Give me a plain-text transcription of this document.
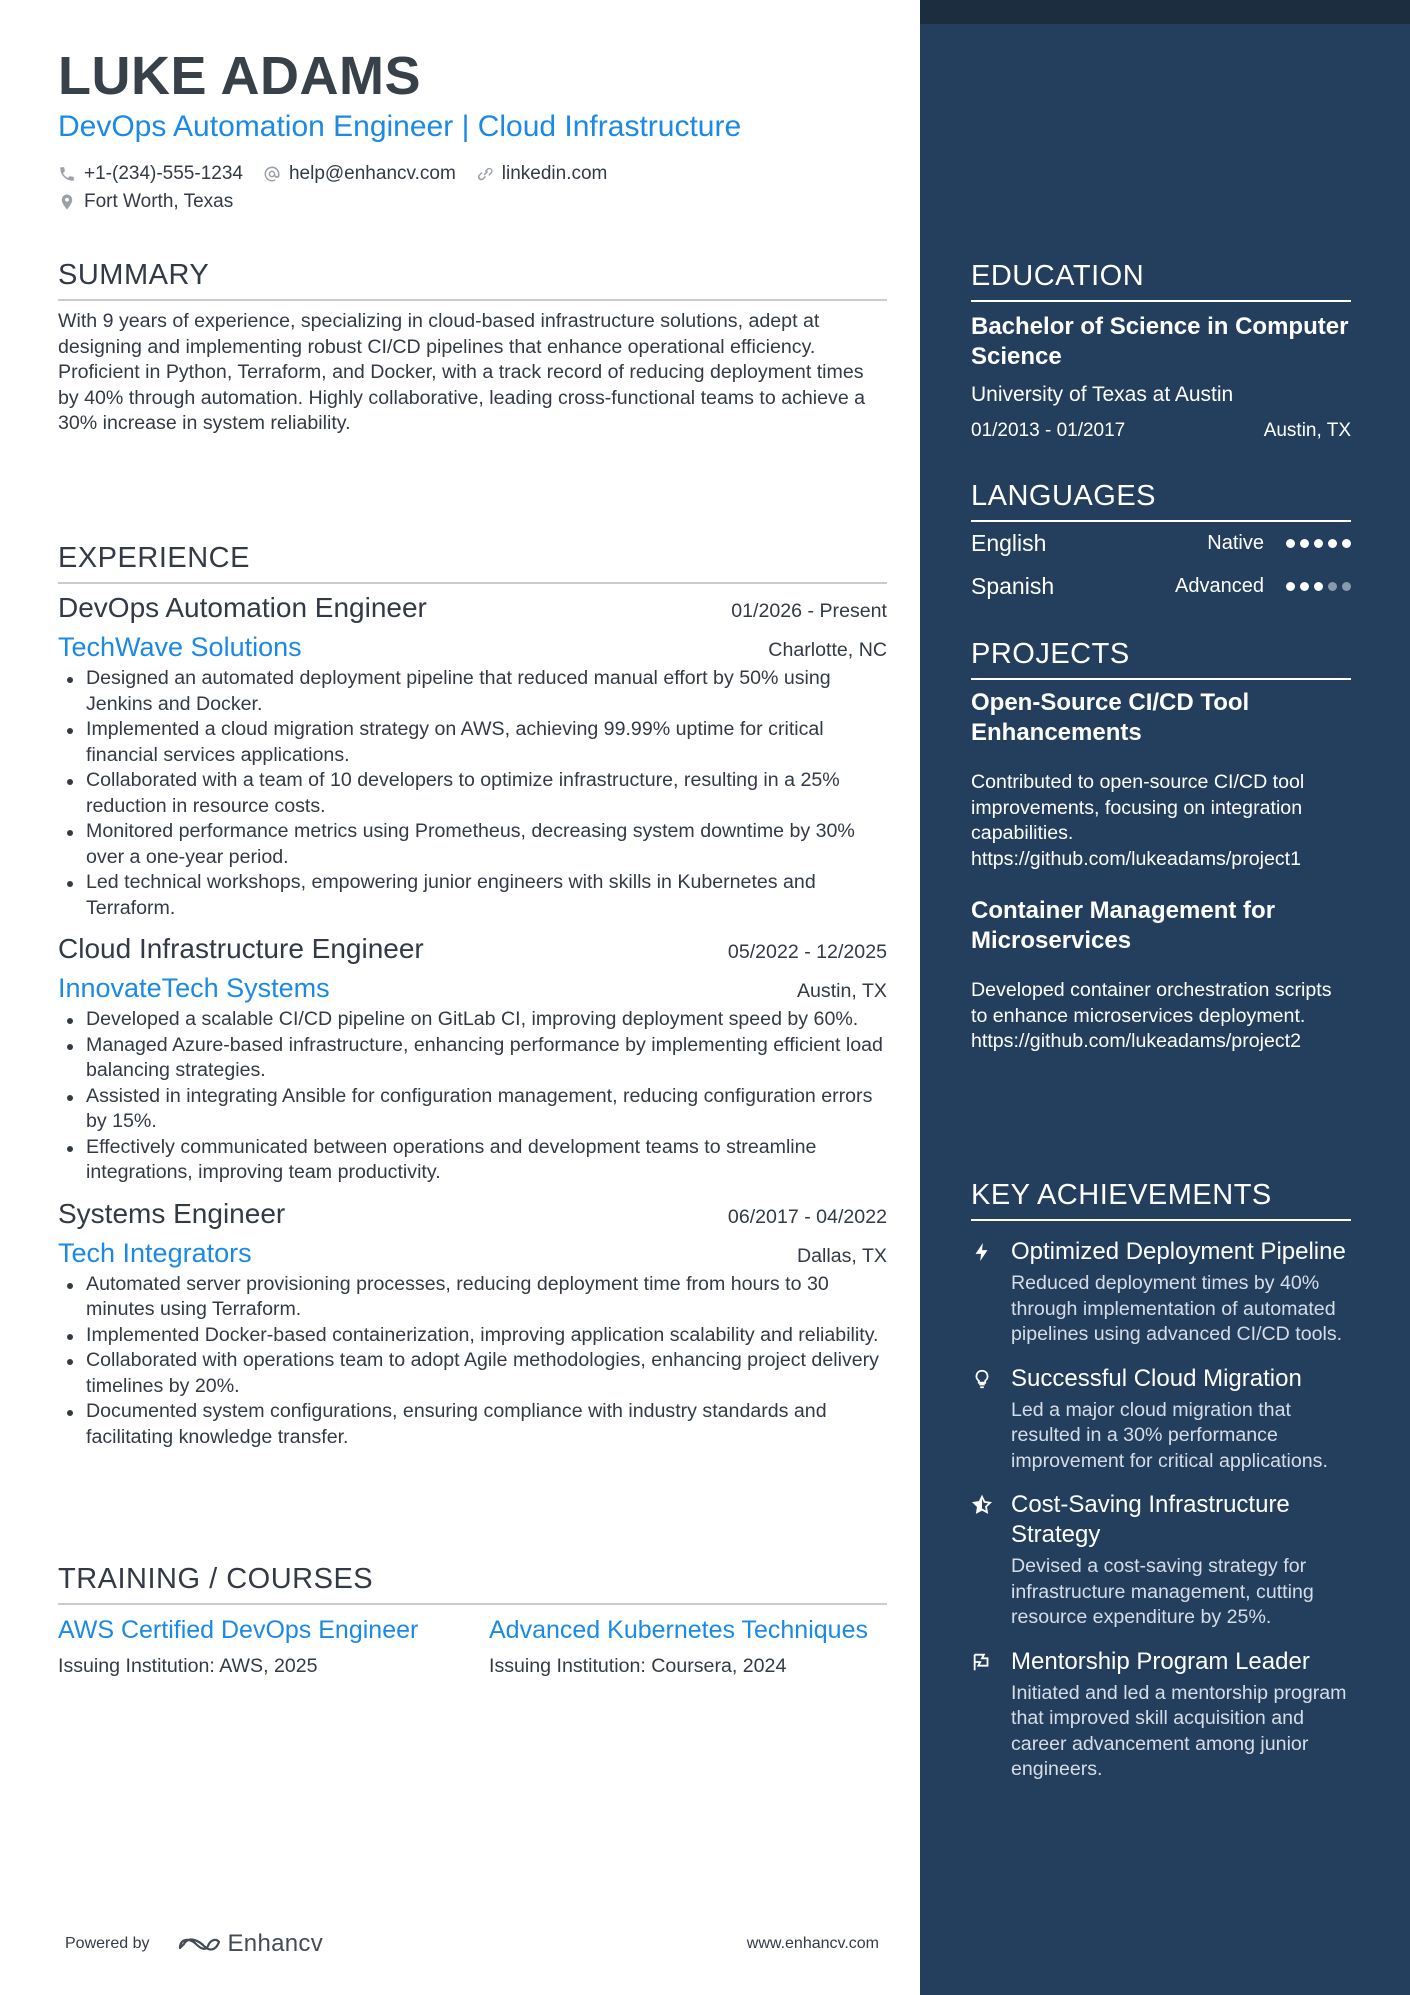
LUKE ADAMS
DevOps Automation Engineer | Cloud Infrastructure
+1-(234)-555-1234 help@enhancv.com linkedin.com
Fort Worth, Texas
SUMMARY
With 9 years of experience, specializing in cloud-based infrastructure solutions, adept at designing and implementing robust CI/CD pipelines that enhance operational efficiency. Proficient in Python, Terraform, and Docker, with a track record of reducing deployment times by 40% through automation. Highly collaborative, leading cross-functional teams to achieve a 30% increase in system reliability.
EXPERIENCE
DevOps Automation Engineer	01/2026 - Present
TechWave Solutions	Charlotte, NC
Designed an automated deployment pipeline that reduced manual effort by 50% using Jenkins and Docker.
Implemented a cloud migration strategy on AWS, achieving 99.99% uptime for critical financial services applications.
Collaborated with a team of 10 developers to optimize infrastructure, resulting in a 25% reduction in resource costs.
Monitored performance metrics using Prometheus, decreasing system downtime by 30% over a one-year period.
Led technical workshops, empowering junior engineers with skills in Kubernetes and Terraform.
Cloud Infrastructure Engineer	05/2022 - 12/2025
InnovateTech Systems	Austin, TX
Developed a scalable CI/CD pipeline on GitLab CI, improving deployment speed by 60%.
Managed Azure-based infrastructure, enhancing performance by implementing efficient load balancing strategies.
Assisted in integrating Ansible for configuration management, reducing configuration errors by 15%.
Effectively communicated between operations and development teams to streamline integrations, improving team productivity.
Systems Engineer	06/2017 - 04/2022
Tech Integrators	Dallas, TX
Automated server provisioning processes, reducing deployment time from hours to 30 minutes using Terraform.
Implemented Docker-based containerization, improving application scalability and reliability.
Collaborated with operations team to adopt Agile methodologies, enhancing project delivery timelines by 20%.
Documented system configurations, ensuring compliance with industry standards and facilitating knowledge transfer.
TRAINING / COURSES
AWS Certified DevOps Engineer
Issuing Institution: AWS, 2025
Advanced Kubernetes Techniques
Issuing Institution: Coursera, 2024
Powered by	Enhancv	www.enhancv.com
EDUCATION
Bachelor of Science in Computer Science
University of Texas at Austin
01/2013 - 01/2017	Austin, TX
LANGUAGES
English	Native
Spanish	Advanced
PROJECTS
Open-Source CI/CD Tool Enhancements
Contributed to open-source CI/CD tool improvements, focusing on integration capabilities.
https://github.com/lukeadams/project1
Container Management for Microservices
Developed container orchestration scripts to enhance microservices deployment.
https://github.com/lukeadams/project2
KEY ACHIEVEMENTS
Optimized Deployment Pipeline
Reduced deployment times by 40% through implementation of automated pipelines using advanced CI/CD tools.
Successful Cloud Migration
Led a major cloud migration that resulted in a 30% performance improvement for critical applications.
Cost-Saving Infrastructure Strategy
Devised a cost-saving strategy for infrastructure management, cutting resource expenditure by 25%.
Mentorship Program Leader
Initiated and led a mentorship program that improved skill acquisition and career advancement among junior engineers.
